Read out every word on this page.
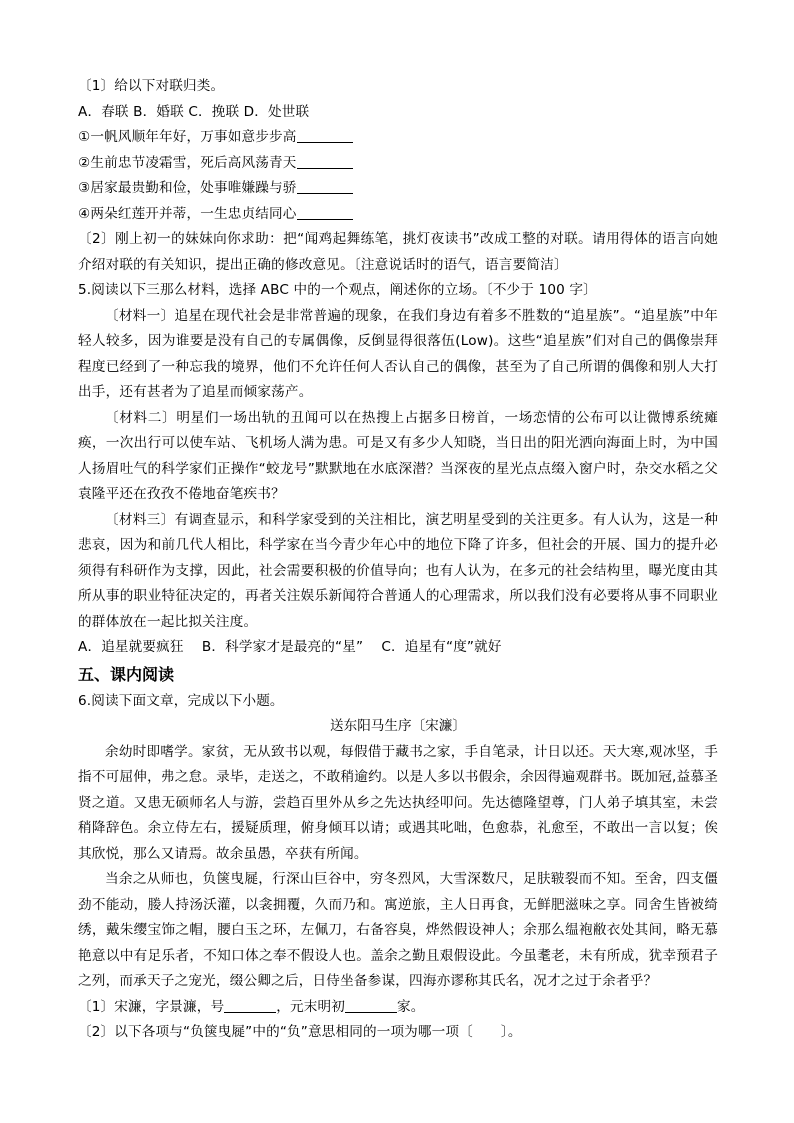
〔1〕给以下对联归类。
A．春联 B．婚联 C．挽联 D．处世联
①一帆风顺年年好，万事如意步步高
②生前忠节凌霜雪，死后高风荡青天
③居家最贵勤和俭，处事唯嫌躁与骄
④两朵红莲开并蒂，一生忠贞结同心
〔2〕刚上初一的妹妹向你求助：把“闻鸡起舞练笔，挑灯夜读书”改成工整的对联。请用得体的语言向她介绍对联的有关知识，提出正确的修改意见。〔注意说话时的语气，语言要简洁〕
5.阅读以下三那么材料，选择 ABC 中的一个观点，阐述你的立场。〔不少于 100 字〕
〔材料一〕追星在现代社会是非常普遍的现象，在我们身边有着多不胜数的“追星族”。“追星族”中年轻人较多，因为谁要是没有自己的专属偶像，反倒显得很落伍(Low)。这些“追星族”们对自己的偶像崇拜程度已经到了一种忘我的境界，他们不允许任何人否认自己的偶像，甚至为了自己所谓的偶像和别人大打出手，还有甚者为了追星而倾家荡产。
〔材料二〕明星们一场出轨的丑闻可以在热搜上占据多日榜首，一场恋情的公布可以让微博系统瘫痪，一次出行可以使车站、飞机场人满为患。可是又有多少人知晓，当日出的阳光洒向海面上时，为中国人扬眉吐气的科学家们正操作“蛟龙号”默默地在水底深潜？当深夜的星光点点缀入窗户时，杂交水稻之父袁隆平还在孜孜不倦地奋笔疾书？
〔材料三〕有调查显示，和科学家受到的关注相比，演艺明星受到的关注更多。有人认为，这是一种悲哀，因为和前几代人相比，科学家在当今青少年心中的地位下降了许多，但社会的开展、国力的提升必须得有科研作为支撑，因此，社会需要积极的价值导向；也有人认为，在多元的社会结构里，曝光度由其所从事的职业特征决定的，再者关注娱乐新闻符合普通人的心理需求，所以我们没有必要将从事不同职业的群体放在一起比拟关注度。
A．追星就要疯狂　 B．科学家才是最亮的“星”　 C．追星有“度”就好
五、课内阅读
6.阅读下面文章，完成以下小题。
送东阳马生序〔宋濂〕
余幼时即嗜学。家贫，无从致书以观，每假借于藏书之家，手自笔录，计日以还。天大寒,观冰坚，手指不可屈伸，弗之怠。录毕，走送之，不敢稍逾约。以是人多以书假余，余因得遍观群书。既加冠,益慕圣贤之道。又患无硕师名人与游，尝趋百里外从乡之先达执经叩问。先达德隆望尊，门人弟子填其室，未尝稍降辞色。余立侍左右，援疑质理，俯身倾耳以请；或遇其叱咄，色愈恭，礼愈至，不敢出一言以复；俟其欣悦，那么又请焉。故余虽愚，卒获有所闻。
当余之从师也，负箧曳屣，行深山巨谷中，穷冬烈风，大雪深数尺，足肤皲裂而不知。至舍，四支僵劲不能动，媵人持汤沃灌，以衾拥覆，久而乃和。寓逆旅，主人日再食，无鲜肥滋味之享。同舍生皆被绮绣，戴朱缨宝饰之帽，腰白玉之环，左佩刀，右备容臭，烨然假设神人；余那么缊袍敝衣处其间，略无慕艳意以中有足乐者，不知口体之奉不假设人也。盖余之勤且艰假设此。今虽耄老，未有所成，犹幸预君子之列，而承天子之宠光，缀公卿之后，日侍坐备参谋，四海亦谬称其氏名，况才之过于余者乎？
〔1〕宋濂，字景濂，号	，元末明初	家。
〔2〕以下各项与“负箧曳屣”中的“负”意思相同的一项为哪一项〔 〕。
